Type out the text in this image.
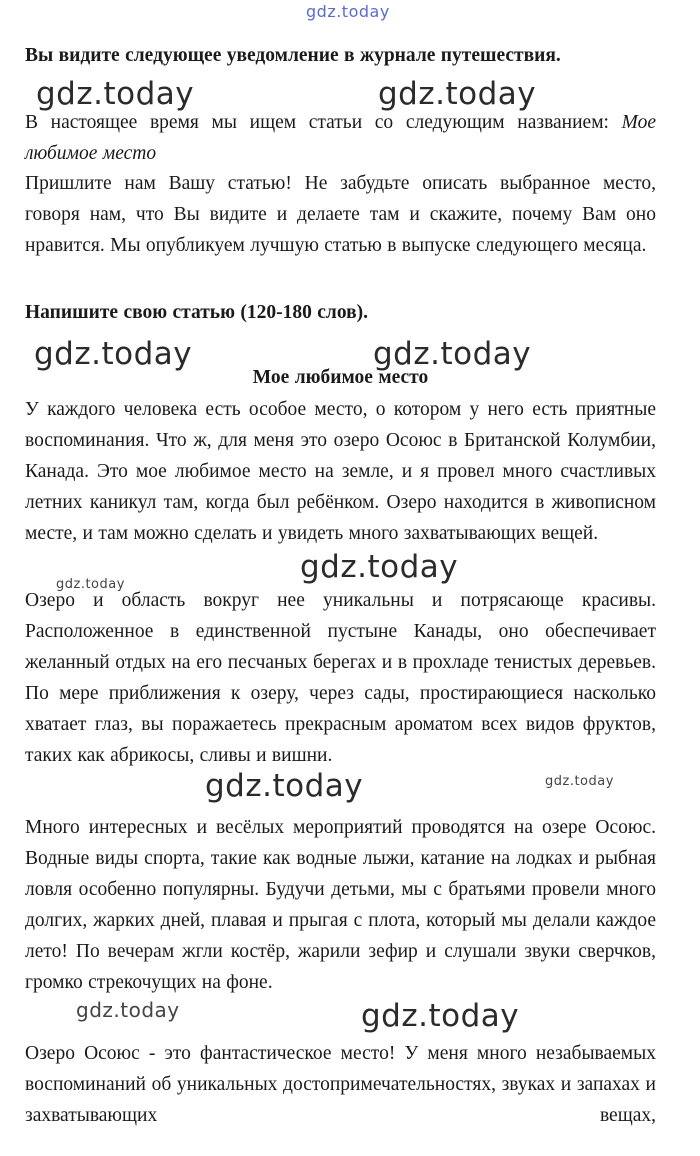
gdz.today

Вы видите следующее уведомление в журнале путешествия.

В настоящее время мы ищем статьи со следующим названием: Мое любимое место

Пришлите нам Вашу статью! Не забудьте описать выбранное место, говоря нам, что Вы видите и делаете там и скажите, почему Вам оно нравится. Мы опубликуем лучшую статью в выпуске следующего месяца.

Напишите свою статью (120-180 слов).

Мое любимое место

У каждого человека есть особое место, о котором у него есть приятные воспоминания. Что ж, для меня это озеро Осоюс в Британской Колумбии, Канада. Это мое любимое место на земле, и я провел много счастливых летних каникул там, когда был ребёнком. Озеро находится в живописном месте, и там можно сделать и увидеть много захватывающих вещей.

Озеро и область вокруг нее уникальны и потрясающе красивы. Расположенное в единственной пустыне Канады, оно обеспечивает желанный отдых на его песчаных берегах и в прохладе тенистых деревьев. По мере приближения к озеру, через сады, простирающиеся насколько хватает глаз, вы поражаетесь прекрасным ароматом всех видов фруктов, таких как абрикосы, сливы и вишни.

Много интересных и весёлых мероприятий проводятся на озере Осоюс. Водные виды спорта, такие как водные лыжи, катание на лодках и рыбная ловля особенно популярны. Будучи детьми, мы с братьями провели много долгих, жарких дней, плавая и прыгая с плота, который мы делали каждое лето! По вечерам жгли костёр, жарили зефир и слушали звуки сверчков, громко стрекочущих на фоне.

Озеро Осоюс - это фантастическое место! У меня много незабываемых воспоминаний об уникальных достопримечательностях, звуках и запахах и захватывающих вещах,

gdz.today	gdz.today
gdz.today	gdz.today
gdz.today
gdz.today
gdz.today	gdz.today
gdz.today	gdz.today
